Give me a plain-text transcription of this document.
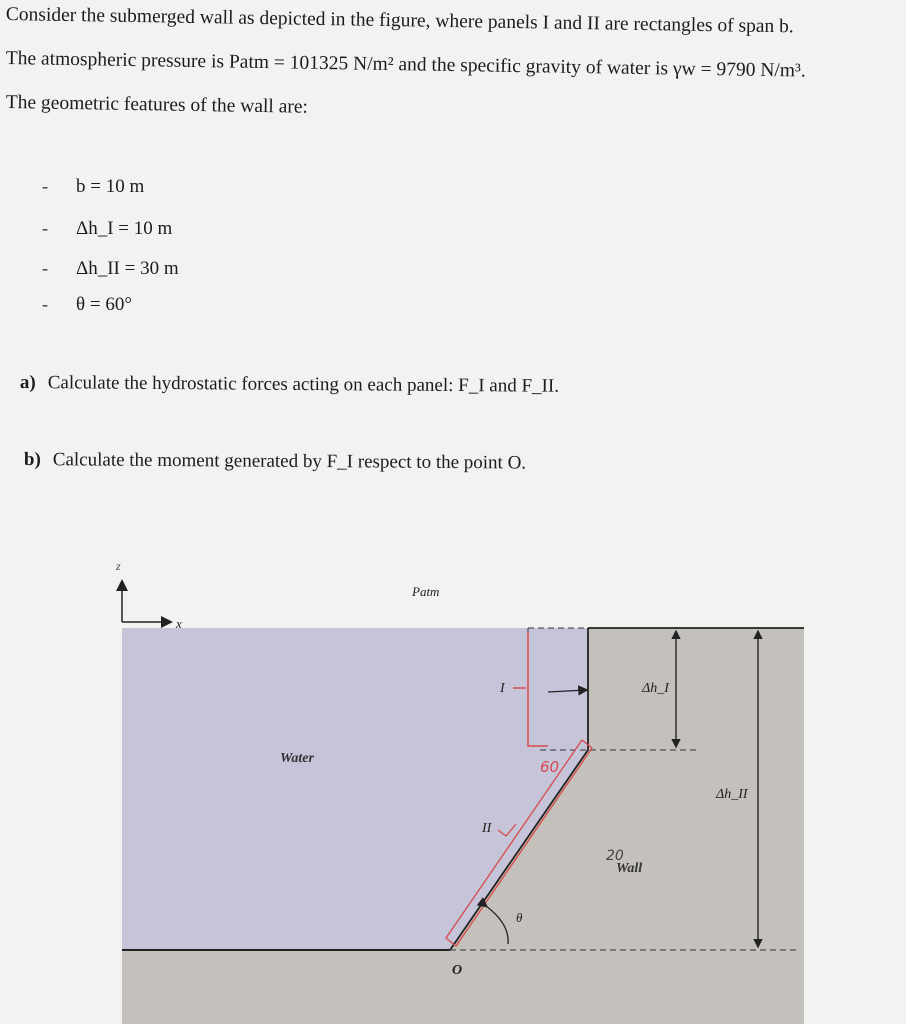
Consider the submerged wall as depicted in the figure, where panels I and II are rectangles of span b.
The atmospheric pressure is Patm = 101325 N/m² and the specific gravity of water is γw = 9790 N/m³.
The geometric features of the wall are:
- b = 10 m
- Δh_I = 10 m
- Δh_II = 30 m
- θ = 60°
a) Calculate the hydrostatic forces acting on each panel: F_I and F_II.
b) Calculate the moment generated by F_I respect to the point O.
z
x
Patm
Water
I	Δh_I
Δh_II
II
60
20
Wall
θ
O
